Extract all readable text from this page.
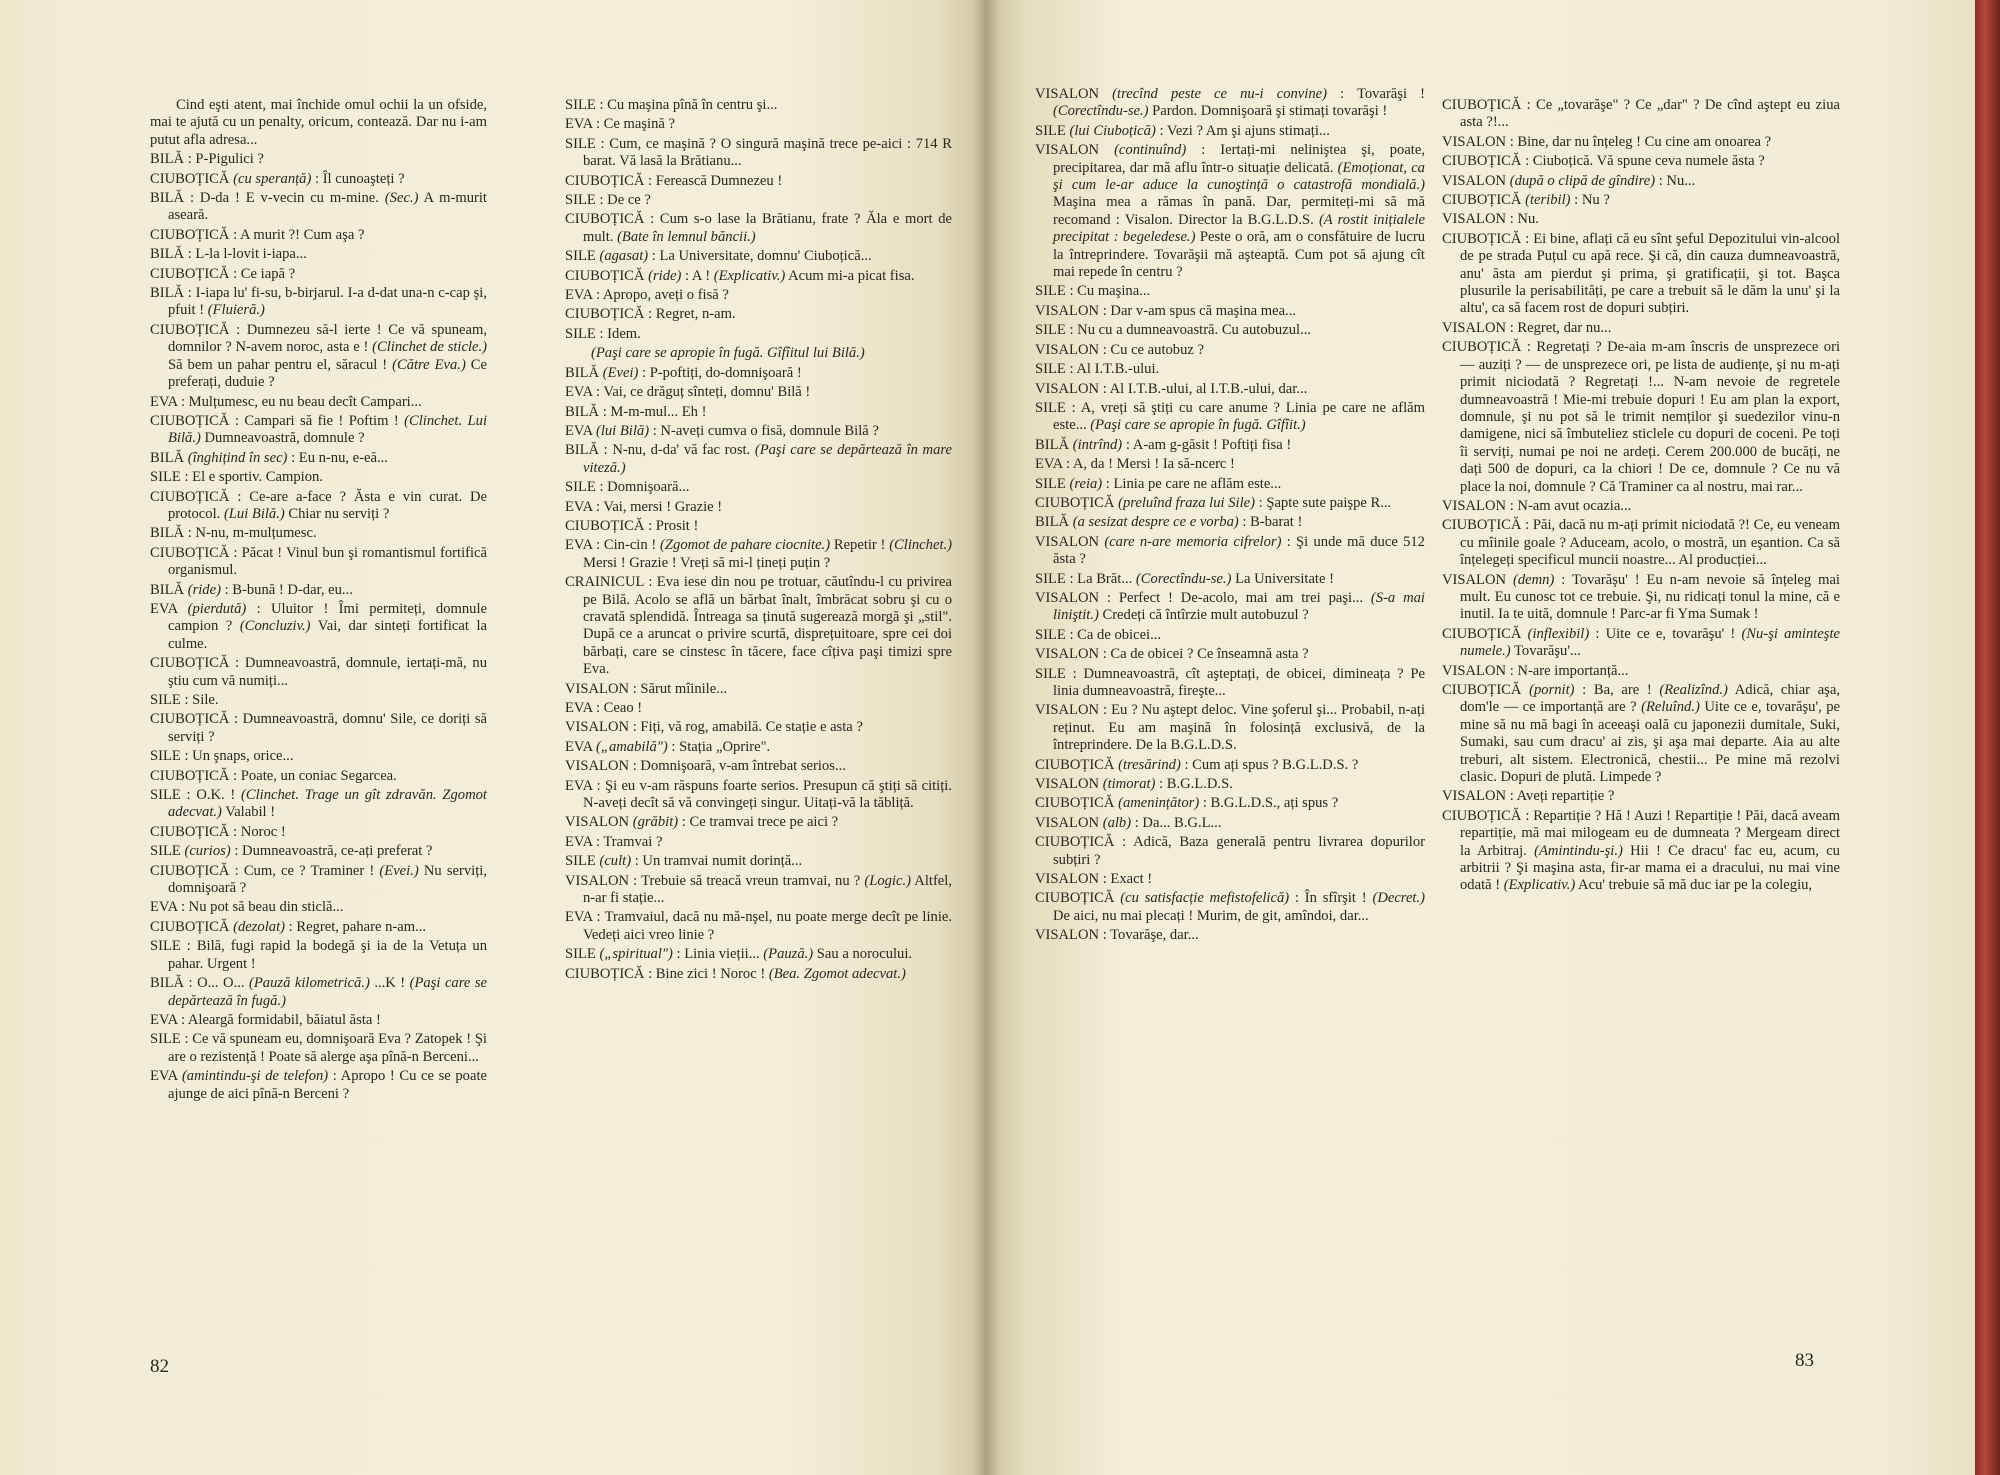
Cind eşti atent, mai închide omul ochii la un ofside, mai te ajută cu un penalty, oricum, contează. Dar nu i-am putut afla adresa...

BILĂ : P-Pigulici ?

CIUBOȚICĂ (cu speranță) : Îl cunoaşteți ?

BILĂ : D-da ! E v-vecin cu m-mine. (Sec.) A m-murit aseară.

CIUBOȚICĂ : A murit ?! Cum aşa ?

BILĂ : L-la l-lovit i-iapa...

CIUBOȚICĂ : Ce iapă ?

BILĂ : I-iapa lu' fi-su, b-birjarul. I-a d-dat una-n c-cap şi, pfuit ! (Fluieră.)

CIUBOȚICĂ : Dumnezeu să-l ierte ! Ce vă spuneam, domnilor ? N-avem noroc, asta e ! (Clinchet de sticle.) Să bem un pahar pentru el, săracul ! (Către Eva.) Ce preferați, duduie ?

EVA : Mulțumesc, eu nu beau decît Campari...

CIUBOȚICĂ : Campari să fie ! Poftim ! (Clinchet. Lui Bilă.) Dumneavoastră, domnule ?

BILĂ (înghițind în sec) : Eu n-nu, e-eă...

SILE : El e sportiv. Campion.

CIUBOȚICĂ : Ce-are a-face ? Ăsta e vin curat. De protocol. (Lui Bilă.) Chiar nu serviți ?

BILĂ : N-nu, m-mulțumesc.

CIUBOȚICĂ : Păcat ! Vinul bun şi romantismul fortifică organismul.

BILĂ (ride) : B-bună ! D-dar, eu...

EVA (pierdută) : Uluitor ! Îmi permiteți, domnule campion ? (Concluziv.) Vai, dar sinteți fortificat la culme.

CIUBOȚICĂ : Dumneavoastră, domnule, iertați-mă, nu ştiu cum vă numiți...

SILE : Sile.

CIUBOȚICĂ : Dumneavoastră, domnu' Sile, ce doriți să serviți ?

SILE : Un şnaps, orice...

CIUBOȚICĂ : Poate, un coniac Segarcea.

SILE : O.K. ! (Clinchet. Trage un gît zdravăn. Zgomot adecvat.) Valabil !

CIUBOȚICĂ : Noroc !

SILE (curios) : Dumneavoastră, ce-ați preferat ?

CIUBOȚICĂ : Cum, ce ? Traminer ! (Evei.) Nu serviți, domnişoară ?

EVA : Nu pot să beau din sticlă...

CIUBOȚICĂ (dezolat) : Regret, pahare n-am...

SILE : Bilă, fugi rapid la bodegă şi ia de la Vetuța un pahar. Urgent !

BILĂ : O... O... (Pauză kilometrică.) ...K ! (Paşi care se depărtează în fugă.)

EVA : Aleargă formidabil, băiatul ăsta !

SILE : Ce vă spuneam eu, domnişoară Eva ? Zatopek ! Şi are o rezistență ! Poate să alerge aşa pînă-n Berceni...

EVA (amintindu-şi de telefon) : Apropo ! Cu ce se poate ajunge de aici pînă-n Berceni ?

SILE : Cu maşina pînă în centru şi...

EVA : Ce maşină ?

SILE : Cum, ce maşină ? O singură maşină trece pe-aici : 714 R barat. Vă lasă la Brătianu...

CIUBOȚICĂ : Ferească Dumnezeu !

SILE : De ce ?

CIUBOȚICĂ : Cum s-o lase la Brătianu, frate ? Ăla e mort de mult. (Bate în lemnul băncii.)

SILE (agasat) : La Universitate, domnu' Ciuboțică...

CIUBOȚICĂ (ride) : A ! (Explicativ.) Acum mi-a picat fisa.

EVA : Apropo, aveți o fisă ?

CIUBOȚICĂ : Regret, n-am.

SILE : Idem.

(Paşi care se apropie în fugă. Gîfîitul lui Bilă.)

BILĂ (Evei) : P-poftiți, do-domnişoară !

EVA : Vai, ce drăguț sînteți, domnu' Bilă !

BILĂ : M-m-mul... Eh !

EVA (lui Bilă) : N-aveți cumva o fisă, domnule Bilă ?

BILĂ : N-nu, d-da' vă fac rost. (Paşi care se depărtează în mare viteză.)

SILE : Domnişoară...

EVA : Vai, mersi ! Grazie !

CIUBOȚICĂ : Prosit !

EVA : Cin-cin ! (Zgomot de pahare ciocnite.) Repetir ! (Clinchet.) Mersi ! Grazie ! Vreți să mi-l țineți puțin ?

CRAINICUL : Eva iese din nou pe trotuar, căutîndu-l cu privirea pe Bilă. Acolo se află un bărbat înalt, îmbrăcat sobru şi cu o cravată splendidă. Întreaga sa ținută sugerează morgă şi „stil". După ce a aruncat o privire scurtă, disprețuitoare, spre cei doi bărbați, care se cinstesc în tăcere, face cîțiva paşi timizi spre Eva.

VISALON : Sărut mîinile...

EVA : Ceao !

VISALON : Fiți, vă rog, amabilă. Ce stație e asta ?

EVA („amabilă") : Stația „Oprire".

VISALON : Domnişoară, v-am întrebat serios...

EVA : Şi eu v-am răspuns foarte serios. Presupun că ştiți să citiți. N-aveți decît să vă convingeți singur. Uitați-vă la tăbliță.

VISALON (grăbit) : Ce tramvai trece pe aici ?

EVA : Tramvai ?

SILE (cult) : Un tramvai numit dorință...

VISALON : Trebuie să treacă vreun tramvai, nu ? (Logic.) Altfel, n-ar fi stație...

EVA : Tramvaiul, dacă nu mă-nşel, nu poate merge decît pe linie. Vedeți aici vreo linie ?

SILE („spiritual") : Linia vieții... (Pauză.) Sau a norocului.

CIUBOȚICĂ : Bine zici ! Noroc ! (Bea. Zgomot adecvat.)

82

VISALON (trecînd peste ce nu-i convine) : Tovarăşi ! (Corectîndu-se.) Pardon. Domnişoară şi stimați tovarăşi !

SILE (lui Ciuboțică) : Vezi ? Am şi ajuns stimați...

VISALON (continuînd) : Iertați-mi neliniştea şi, poate, precipitarea, dar mă aflu într-o situație delicată. (Emoționat, ca şi cum le-ar aduce la cunoştință o catastrofă mondială.) Maşina mea a rămas în pană. Dar, permiteți-mi să mă recomand : Visalon. Director la B.G.L.D.S. (A rostit inițialele precipitat : begeledese.) Peste o oră, am o consfătuire de lucru la întreprindere. Tovarăşii mă aşteaptă. Cum pot să ajung cît mai repede în centru ?

SILE : Cu maşina...

VISALON : Dar v-am spus că maşina mea...

SILE : Nu cu a dumneavoastră. Cu autobuzul...

VISALON : Cu ce autobuz ?

SILE : Al I.T.B.-ului.

VISALON : Al I.T.B.-ului, al I.T.B.-ului, dar...

SILE : A, vreți să ştiți cu care anume ? Linia pe care ne aflăm este... (Paşi care se apropie în fugă. Gîfîit.)

BILĂ (intrînd) : A-am g-găsit ! Poftiți fisa !

EVA : A, da ! Mersi ! Ia să-ncerc !

SILE (reia) : Linia pe care ne aflăm este...

CIUBOȚICĂ (preluînd fraza lui Sile) : Şapte sute paişpe R...

BILĂ (a sesizat despre ce e vorba) : B-barat !

VISALON (care n-are memoria cifrelor) : Şi unde mă duce 512 ăsta ?

SILE : La Brăt... (Corectîndu-se.) La Universitate !

VISALON : Perfect ! De-acolo, mai am trei paşi... (S-a mai liniştit.) Credeți că întîrzie mult autobuzul ?

SILE : Ca de obicei...

VISALON : Ca de obicei ? Ce înseamnă asta ?

SILE : Dumneavoastră, cît aşteptați, de obicei, dimineața ? Pe linia dumneavoastră, fireşte...

VISALON : Eu ? Nu aştept deloc. Vine şoferul şi... Probabil, n-ați reținut. Eu am maşină în folosință exclusivă, de la întreprindere. De la B.G.L.D.S.

CIUBOȚICĂ (tresărind) : Cum ați spus ? B.G.L.D.S. ?

VISALON (timorat) : B.G.L.D.S.

CIUBOȚICĂ (amenințător) : B.G.L.D.S., ați spus ?

VISALON (alb) : Da... B.G.L...

CIUBOȚICĂ : Adică, Baza generală pentru livrarea dopurilor subțiri ?

VISALON : Exact !

CIUBOȚICĂ (cu satisfacție mefistofelică) : În sfîrşit ! (Decret.) De aici, nu mai plecați ! Murim, de git, amîndoi, dar...

VISALON : Tovarăşe, dar...

CIUBOȚICĂ : Ce „tovarăşe" ? Ce „dar" ? De cînd aştept eu ziua asta ?!...

VISALON : Bine, dar nu înțeleg ! Cu cine am onoarea ?

CIUBOȚICĂ : Ciuboțică. Vă spune ceva numele ăsta ?

VISALON (după o clipă de gîndire) : Nu...

CIUBOȚICĂ (teribil) : Nu ?

VISALON : Nu.

CIUBOȚICĂ : Ei bine, aflați că eu sînt şeful Depozitului vin-alcool de pe strada Puțul cu apă rece. Şi că, din cauza dumneavoastră, anu' ăsta am pierdut şi prima, şi gratificații, şi tot. Başca plusurile la perisabilități, pe care a trebuit să le dăm la unu' şi la altu', ca să facem rost de dopuri subțiri.

VISALON : Regret, dar nu...

CIUBOȚICĂ : Regretați ? De-aia m-am înscris de unsprezece ori — auziți ? — de unsprezece ori, pe lista de audiențe, şi nu m-ați primit niciodată ? Regretați !... N-am nevoie de regretele dumneavoastră ! Mie-mi trebuie dopuri ! Eu am plan la export, domnule, şi nu pot să le trimit nemților şi suedezilor vinu-n damigene, nici să îmbuteliez sticlele cu dopuri de coceni. Pe toți îi serviți, numai pe noi ne ardeți. Cerem 200.000 de bucăți, ne dați 500 de dopuri, ca la chiori ! De ce, domnule ? Ce nu vă place la noi, domnule ? Că Traminer ca al nostru, mai rar...

VISALON : N-am avut ocazia...

CIUBOȚICĂ : Păi, dacă nu m-ați primit niciodată ?! Ce, eu veneam cu mîinile goale ? Aduceam, acolo, o mostră, un eşantion. Ca să înțelegeți specificul muncii noastre... Al producției...

VISALON (demn) : Tovarăşu' ! Eu n-am nevoie să înțeleg mai mult. Eu cunosc tot ce trebuie. Şi, nu ridicați tonul la mine, că e inutil. Ia te uită, domnule ! Parc-ar fi Yma Sumak !

CIUBOȚICĂ (inflexibil) : Uite ce e, tovarăşu' ! (Nu-şi aminteşte numele.) Tovarăşu'...

VISALON : N-are importanță...

CIUBOȚICĂ (pornit) : Ba, are ! (Realizînd.) Adică, chiar aşa, dom'le — ce importanță are ? (Reluînd.) Uite ce e, tovarăşu', pe mine să nu mă bagi în aceeaşi oală cu japonezii dumitale, Suki, Sumaki, sau cum dracu' ai zis, şi aşa mai departe. Aia au alte treburi, alt sistem. Electronică, chestii... Pe mine mă rezolvi clasic. Dopuri de plută. Limpede ?

VISALON : Aveți repartiție ?

CIUBOȚICĂ : Repartiție ? Hă ! Auzi ! Repartiție ! Păi, dacă aveam repartiție, mă mai milogeam eu de dumneata ? Mergeam direct la Arbitraj. (Amintindu-şi.) Hii ! Ce dracu' fac eu, acum, cu arbitrii ? Şi maşina asta, fir-ar mama ei a dracului, nu mai vine odată ! (Explicativ.) Acu' trebuie să mă duc iar pe la colegiu,

83
